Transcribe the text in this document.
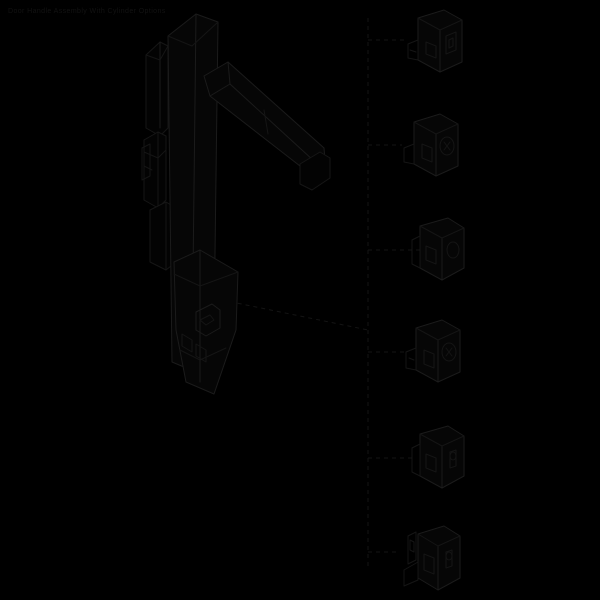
Door Handle Assembly With Cylinder Options
